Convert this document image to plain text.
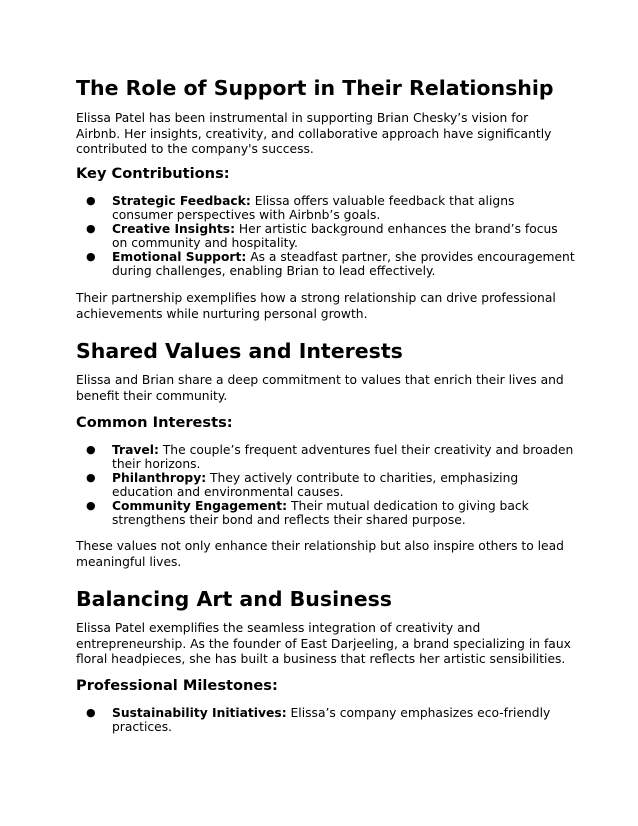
The Role of Support in Their Relationship

Elissa Patel has been instrumental in supporting Brian Chesky’s vision for Airbnb. Her insights, creativity, and collaborative approach have significantly contributed to the company's success.

Key Contributions:
● Strategic Feedback: Elissa offers valuable feedback that aligns consumer perspectives with Airbnb’s goals.
● Creative Insights: Her artistic background enhances the brand’s focus on community and hospitality.
● Emotional Support: As a steadfast partner, she provides encouragement during challenges, enabling Brian to lead effectively.

Their partnership exemplifies how a strong relationship can drive professional achievements while nurturing personal growth.

Shared Values and Interests

Elissa and Brian share a deep commitment to values that enrich their lives and benefit their community.

Common Interests:
● Travel: The couple’s frequent adventures fuel their creativity and broaden their horizons.
● Philanthropy: They actively contribute to charities, emphasizing education and environmental causes.
● Community Engagement: Their mutual dedication to giving back strengthens their bond and reflects their shared purpose.

These values not only enhance their relationship but also inspire others to lead meaningful lives.

Balancing Art and Business

Elissa Patel exemplifies the seamless integration of creativity and entrepreneurship. As the founder of East Darjeeling, a brand specializing in faux floral headpieces, she has built a business that reflects her artistic sensibilities.

Professional Milestones:
● Sustainability Initiatives: Elissa’s company emphasizes eco-friendly practices.
